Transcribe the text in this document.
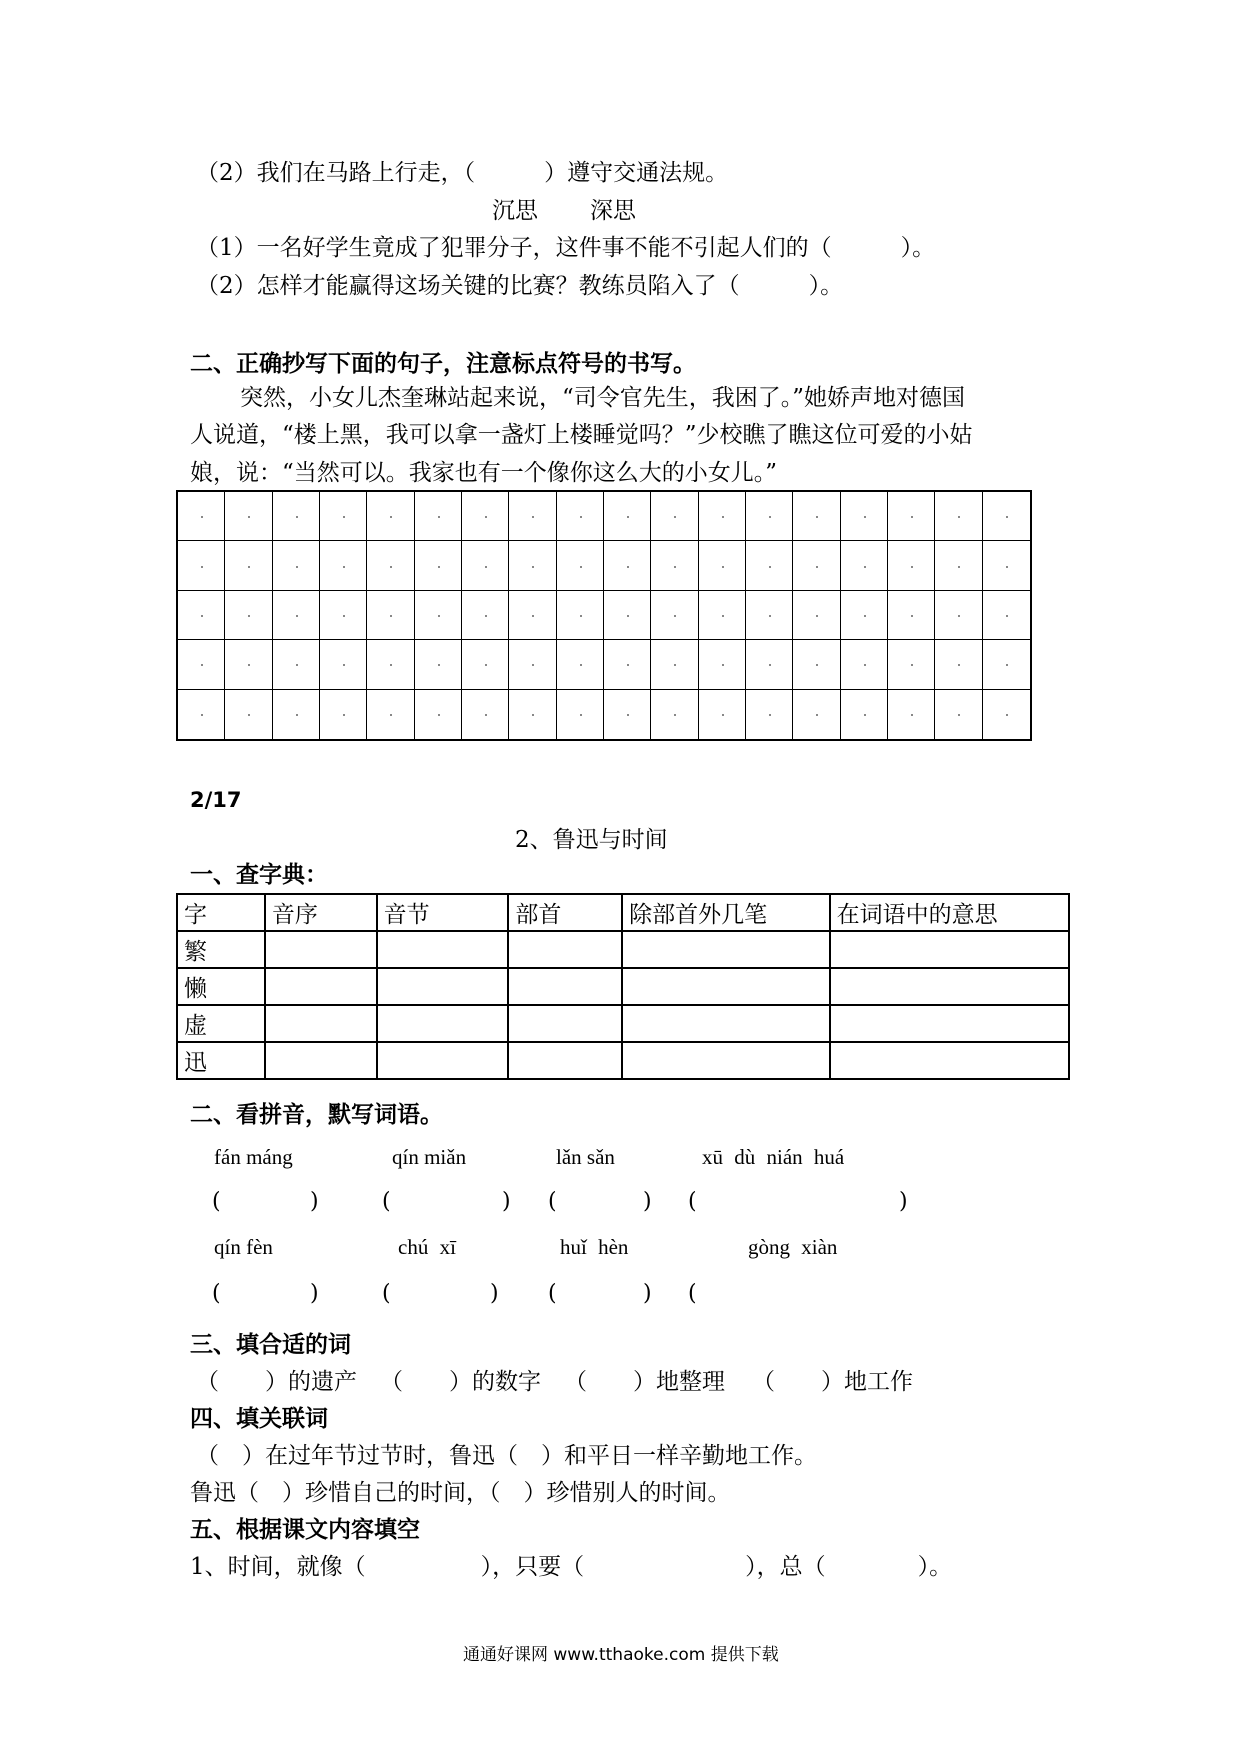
（2）我们在马路上行走，（　　　）遵守交通法规。
沉思 深思
（1）一名好学生竟成了犯罪分子，这件事不能不引起人们的（　　　）。
（2）怎样才能赢得这场关键的比赛？教练员陷入了（　　　）。
二、正确抄写下面的句子，注意标点符号的书写。
突然，小女儿杰奎琳站起来说，“司令官先生，我困了。”她娇声地对德国
人说道，“楼上黑，我可以拿一盏灯上楼睡觉吗？”少校瞧了瞧这位可爱的小姑
娘，说：“当然可以。我家也有一个像你这么大的小女儿。”
2/17
2、鲁迅与时间
一、查字典：
字	音序	音节	部首	除部首外几笔	在词语中的意思
繁					
懒					
虚					
迅					
二、看拼音，默写词语。
fán máng	qín miǎn	lǎn sǎn	xū dù nián huá
(	)	(	) (	) (	)
qín fèn	chú xī	huǐ hèn	gòng xiàn
(	)	(	) (	) (
三、填合适的词
（　　）的遗产 （　　）的数字 （　　）地整理 （　　）地工作
四、填关联词
（　）在过年节过节时，鲁迅（　）和平日一样辛勤地工作。
鲁迅（　）珍惜自己的时间，（　）珍惜别人的时间。
五、根据课文内容填空
1、时间，就像（　　　　　），只要（　　　　　　　），总（　　　　）。
通通好课网 www.tthaoke.com 提供下载
